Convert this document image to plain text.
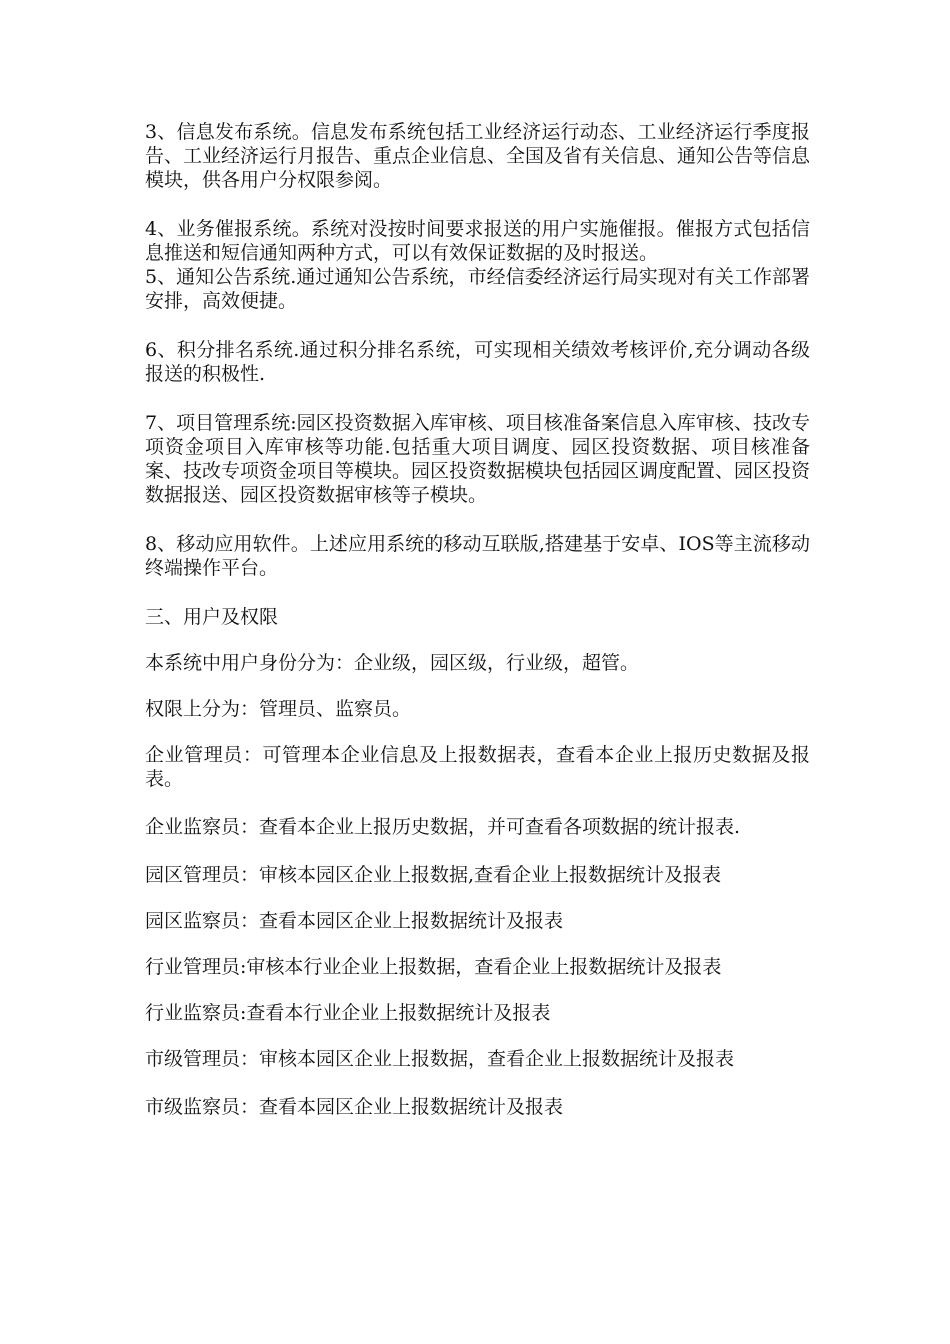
3、信息发布系统。信息发布系统包括工业经济运行动态、工业经济运行季度报告、工业经济运行月报告、重点企业信息、全国及省有关信息、通知公告等信息模块，供各用户分权限参阅。

4、业务催报系统。系统对没按时间要求报送的用户实施催报。催报方式包括信息推送和短信通知两种方式，可以有效保证数据的及时报送。

5、通知公告系统.通过通知公告系统，市经信委经济运行局实现对有关工作部署安排，高效便捷。

6、积分排名系统.通过积分排名系统，可实现相关绩效考核评价,充分调动各级报送的积极性.

7、项目管理系统:园区投资数据入库审核、项目核准备案信息入库审核、技改专项资金项目入库审核等功能.包括重大项目调度、园区投资数据、项目核准备案、技改专项资金项目等模块。园区投资数据模块包括园区调度配置、园区投资数据报送、园区投资数据审核等子模块。

8、移动应用软件。上述应用系统的移动互联版,搭建基于安卓、IOS等主流移动终端操作平台。

三、用户及权限

本系统中用户身份分为：企业级，园区级，行业级，超管。

权限上分为：管理员、监察员。

企业管理员：可管理本企业信息及上报数据表，查看本企业上报历史数据及报表。

企业监察员：查看本企业上报历史数据，并可查看各项数据的统计报表.

园区管理员：审核本园区企业上报数据,查看企业上报数据统计及报表

园区监察员：查看本园区企业上报数据统计及报表

行业管理员:审核本行业企业上报数据，查看企业上报数据统计及报表

行业监察员:查看本行业企业上报数据统计及报表

市级管理员：审核本园区企业上报数据，查看企业上报数据统计及报表

市级监察员：查看本园区企业上报数据统计及报表
